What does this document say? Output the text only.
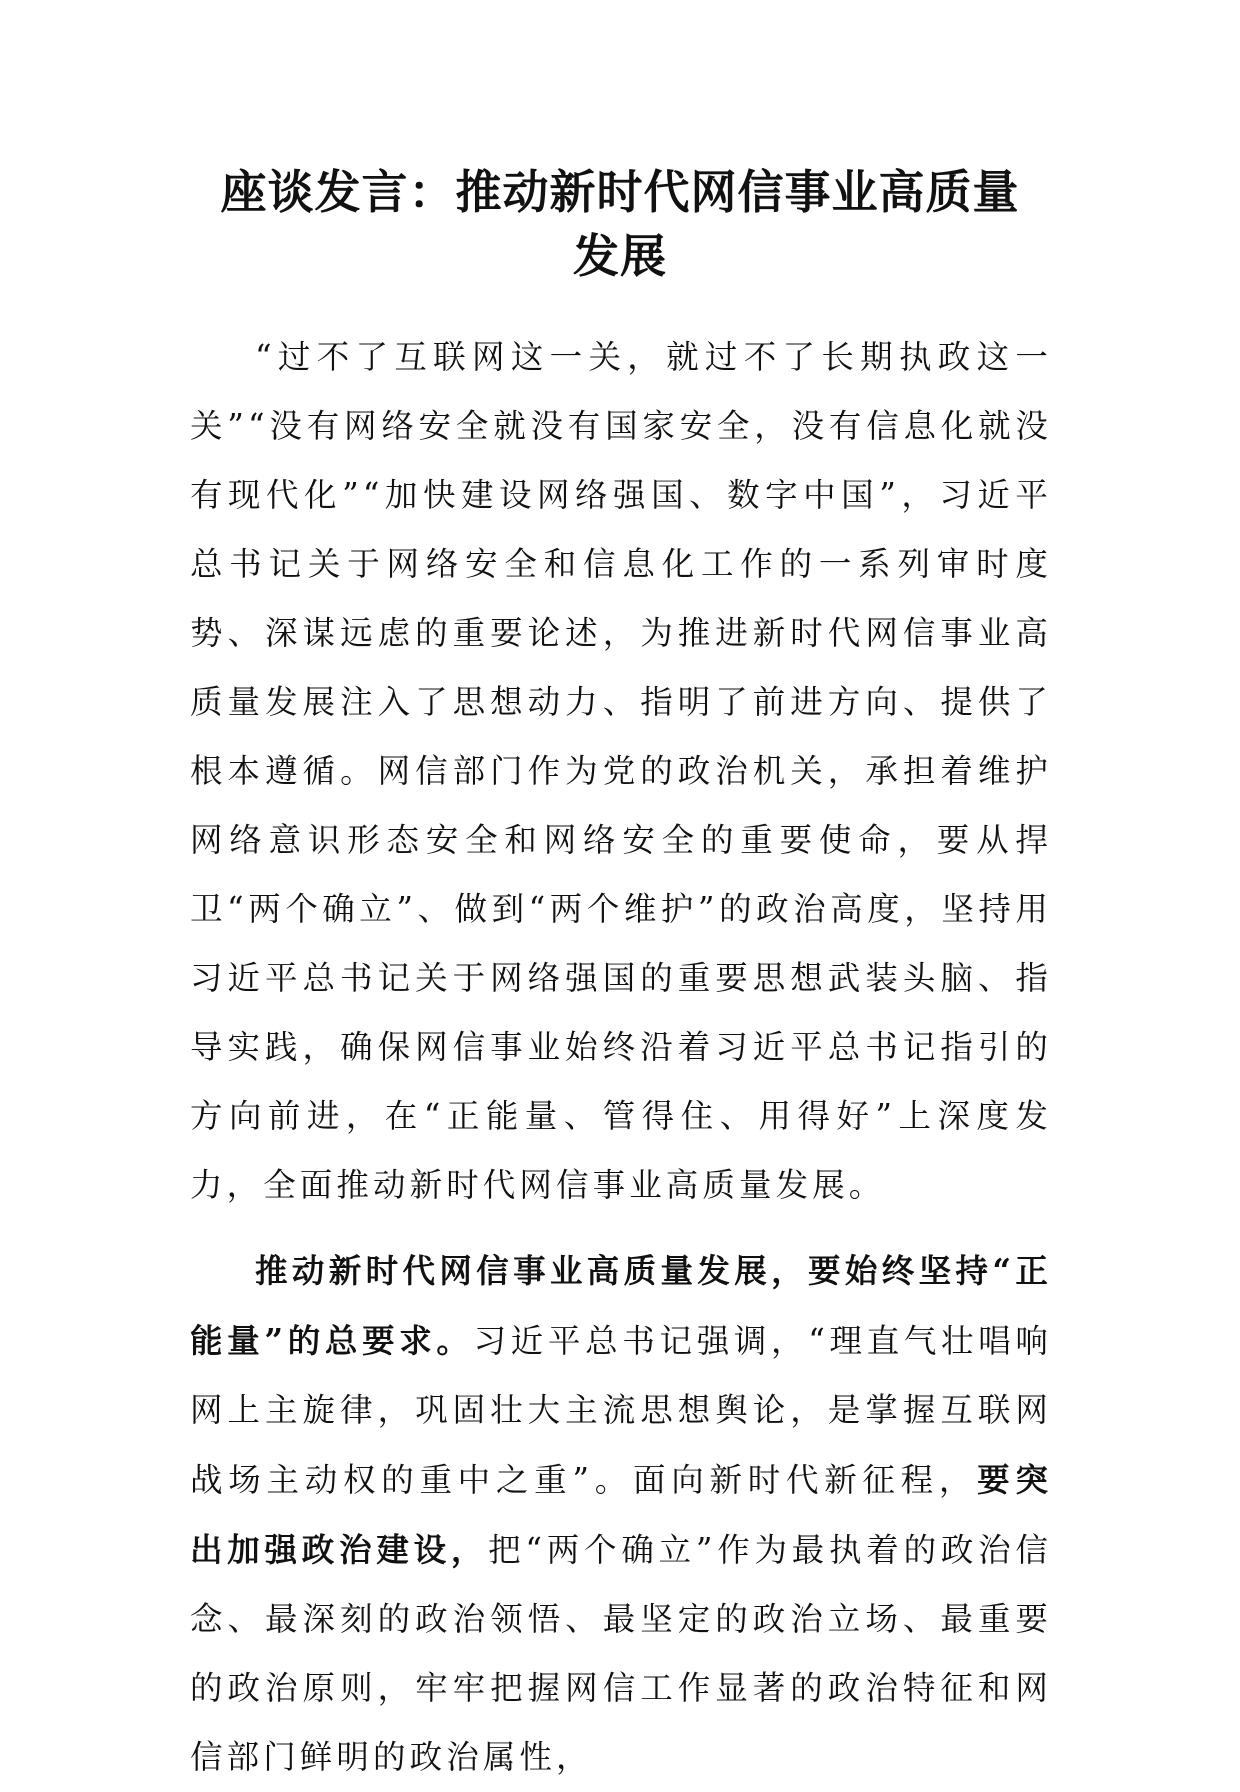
座谈发言：推动新时代网信事业高质量
发展

“过不了互联网这一关，就过不了长期执政这一关”“没有网络安全就没有国家安全，没有信息化就没有现代化”“加快建设网络强国、数字中国”，习近平总书记关于网络安全和信息化工作的一系列审时度势、深谋远虑的重要论述，为推进新时代网信事业高质量发展注入了思想动力、指明了前进方向、提供了根本遵循。网信部门作为党的政治机关，承担着维护网络意识形态安全和网络安全的重要使命，要从捍卫“两个确立”、做到“两个维护”的政治高度，坚持用习近平总书记关于网络强国的重要思想武装头脑、指导实践，确保网信事业始终沿着习近平总书记指引的方向前进，在“正能量、管得住、用得好”上深度发力，全面推动新时代网信事业高质量发展。

推动新时代网信事业高质量发展，要始终坚持“正能量”的总要求。习近平总书记强调，“理直气壮唱响网上主旋律，巩固壮大主流思想舆论，是掌握互联网战场主动权的重中之重”。面向新时代新征程，要突出加强政治建设，把“两个确立”作为最执着的政治信念、最深刻的政治领悟、最坚定的政治立场、最重要的政治原则，牢牢把握网信工作显著的政治特征和网信部门鲜明的政治属性，
